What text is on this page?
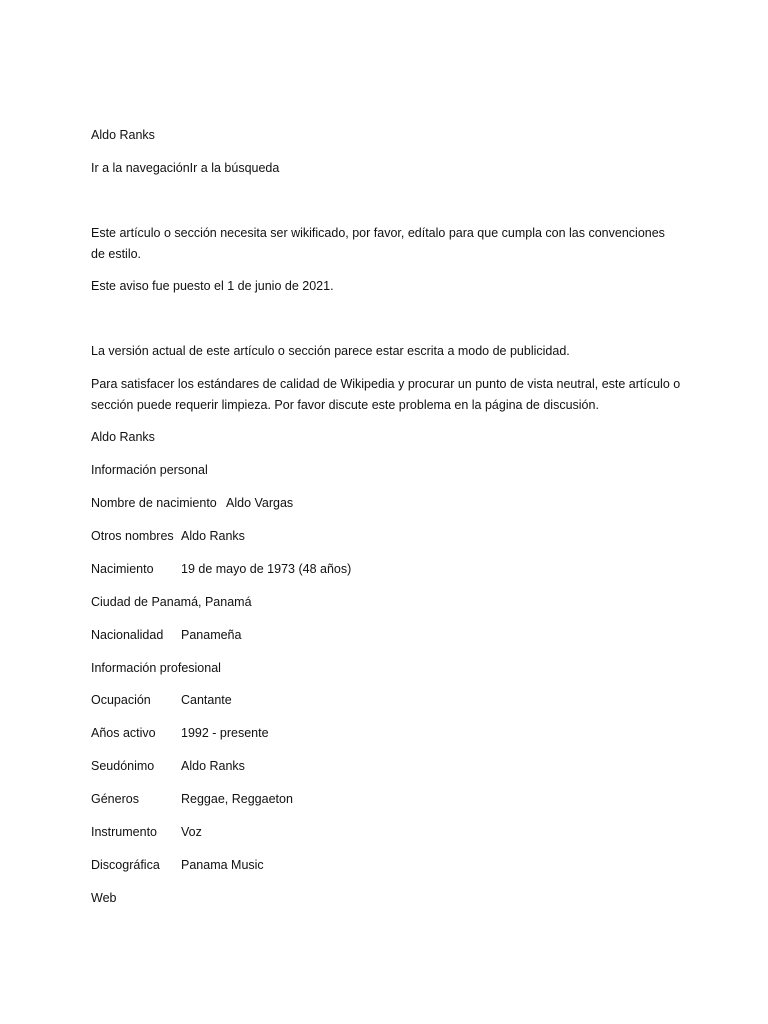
Aldo Ranks
Ir a la navegaciónIr a la búsqueda
Este artículo o sección necesita ser wikificado, por favor, edítalo para que cumpla con las convenciones de estilo.
Este aviso fue puesto el 1 de junio de 2021.
La versión actual de este artículo o sección parece estar escrita a modo de publicidad.
Para satisfacer los estándares de calidad de Wikipedia y procurar un punto de vista neutral, este artículo o sección puede requerir limpieza. Por favor discute este problema en la página de discusión.
Aldo Ranks
Información personal
Nombre de nacimiento Aldo Vargas
Otros nombres Aldo Ranks
Nacimiento 19 de mayo de 1973 (48 años)
Ciudad de Panamá, Panamá
Nacionalidad Panameña
Información profesional
Ocupación Cantante
Años activo 1992 - presente
Seudónimo Aldo Ranks
Géneros	Reggae, Reggaeton
Instrumento Voz
Discográfica Panama Music
Web
